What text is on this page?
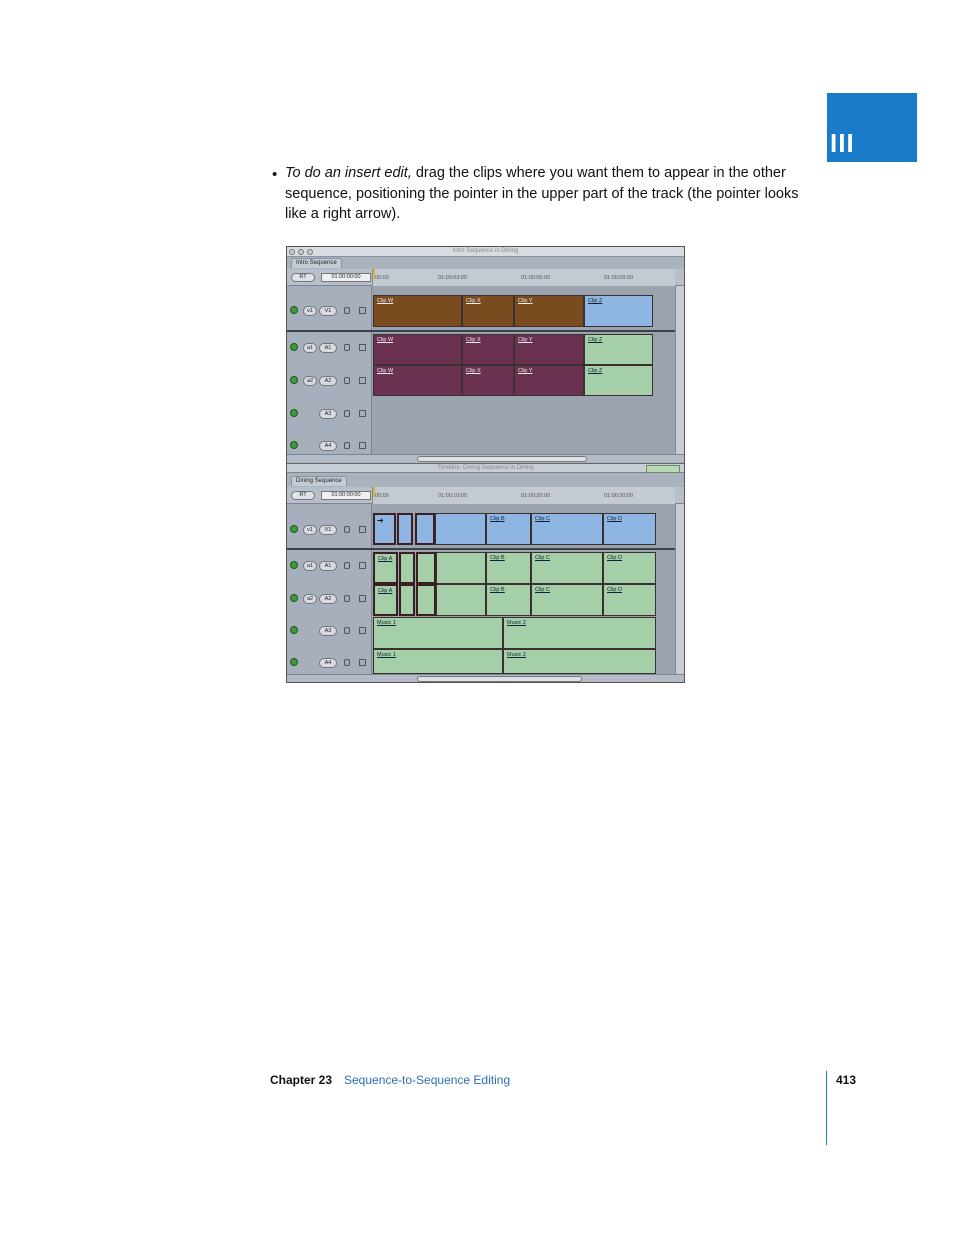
III
• To do an insert edit, drag the clips where you want them to appear in the other sequence, positioning the pointer in the upper part of the track (the pointer looks like a right arrow).
Intro Sequence in Dining
Intro Sequence
RT	01:00:00:00	00:00	01:00:03:00	01:00:06:00	01:00:09:00
v1	V1
Clip W	Clip X	Clip Y	Clip Z
a1	A1
Clip W	Clip X	Clip Y	Clip Z
a2	A2
Clip W	Clip X	Clip Y	Clip Z
A3
A4
Timeline: Dining Sequence in Dining
Dining Sequence
RT	01:00:00:00	00:00	01:00:10:00	01:00:20:00	01:00:30:00
v1	V1
➔	Clip B	Clip C	Clip D
a1	A1
Clip A	Clip B	Clip C	Clip D
a2	A2
Clip A	Clip B	Clip C	Clip D
A3
Music 1	Music 2
A4
Music 1	Music 2
Chapter 23 Sequence-to-Sequence Editing	413
